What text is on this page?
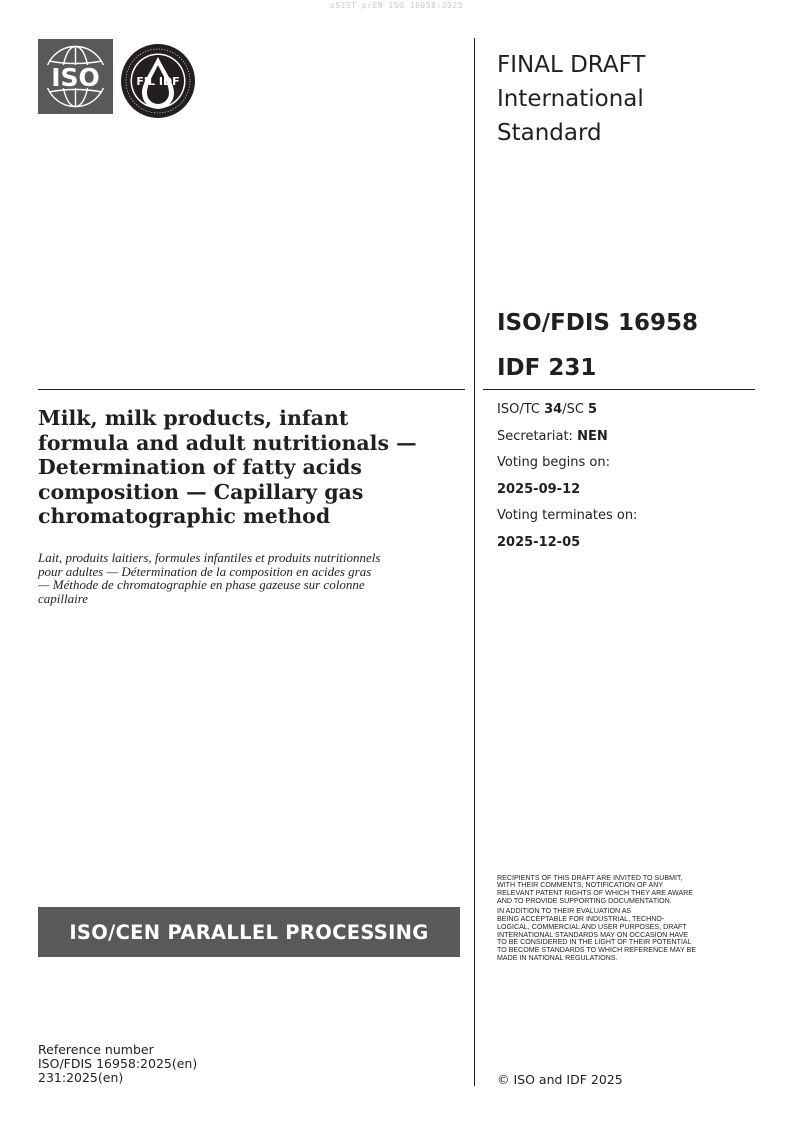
oSIST prEN ISO 16958:2025
ISO	FIL IDF
FINAL DRAFT
International
Standard
ISO/FDIS 16958
IDF 231
ISO/TC 34/SC 5
Secretariat: NEN
Voting begins on:
2025-09-12
Voting terminates on:
2025-12-05
Milk, milk products, infant
formula and adult nutritionals —
Determination of fatty acids
composition — Capillary gas
chromatographic method
Lait, produits laitiers, formules infantiles et produits nutritionnels
pour adultes — Détermination de la composition en acides gras
— Méthode de chromatographie en phase gazeuse sur colonne
capillaire
ISO/CEN PARALLEL PROCESSING

RECIPIENTS OF THIS DRAFT ARE INVITED TO SUBMIT,
WITH THEIR COMMENTS, NOTIFICATION OF ANY
RELEVANT PATENT RIGHTS OF WHICH THEY ARE AWARE
AND TO PROVIDE SUPPORTING DOCUMENTATION.

IN ADDITION TO THEIR EVALUATION AS
BEING ACCEPTABLE FOR INDUSTRIAL, TECHNO-
LOGICAL, COMMERCIAL AND USER PURPOSES, DRAFT
INTERNATIONAL STANDARDS MAY ON OCCASION HAVE
TO BE CONSIDERED IN THE LIGHT OF THEIR POTENTIAL
TO BECOME STANDARDS TO WHICH REFERENCE MAY BE
MADE IN NATIONAL REGULATIONS.

Reference number
ISO/FDIS 16958:2025(en)
231:2025(en)	© ISO and IDF 2025
